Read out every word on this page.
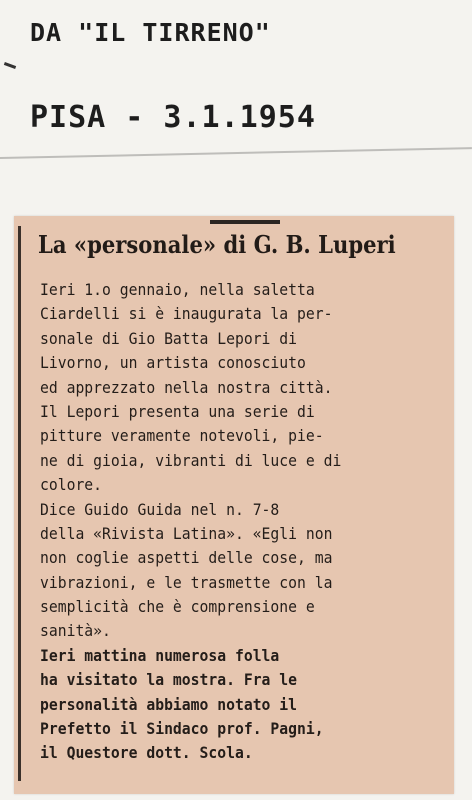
DA "IL TIRRENO"
PISA - 3.1.1954
La «personale» di G. B. Luperi
Ieri 1.o gennaio, nella saletta
Ciardelli si è inaugurata la per-
sonale di Gio Batta Lepori di
Livorno, un artista conosciuto
ed apprezzato nella nostra città.
Il Lepori presenta una serie di
pitture veramente notevoli, pie-
ne di gioia, vibranti di luce e di
colore.
Dice Guido Guida nel n. 7-8
della «Rivista Latina». «Egli non
non coglie aspetti delle cose, ma
vibrazioni, e le trasmette con la
semplicità che è comprensione e
sanità».
Ieri mattina numerosa folla
ha visitato la mostra. Fra le
personalità abbiamo notato il
Prefetto il Sindaco prof. Pagni,
il Questore dott. Scola.
